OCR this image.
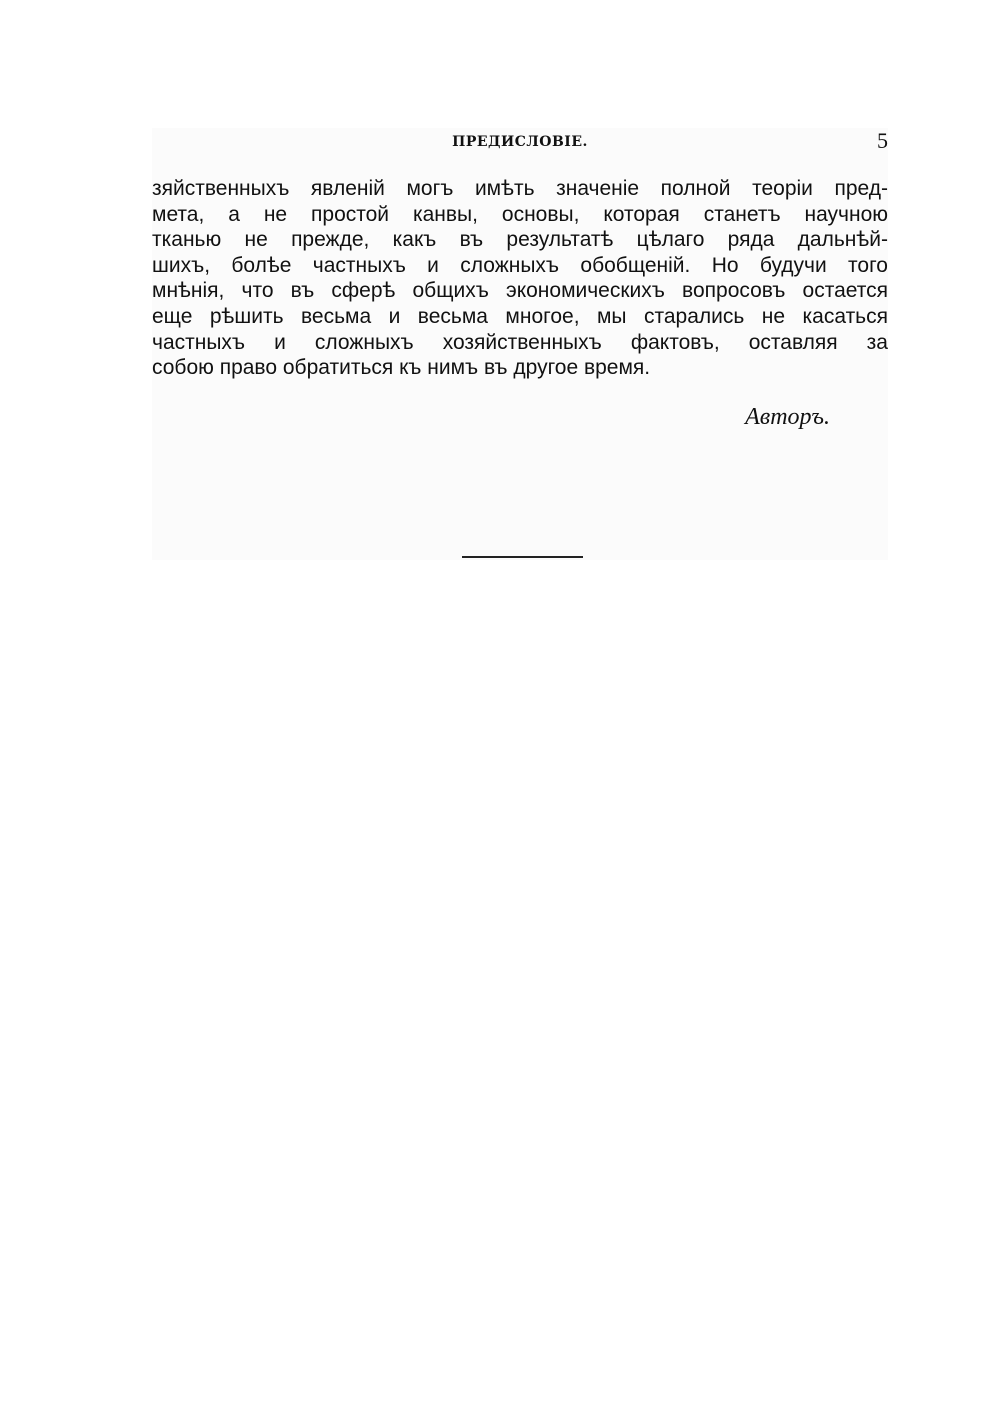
ПРЕДИСЛОВІЕ.	5
зяйственныхъ явленій могъ имѣть значеніе полной теоріи пред-
мета, а не простой канвы, основы, которая станетъ научною
тканью не прежде, какъ въ результатѣ цѣлаго ряда дальнѣй-
шихъ, болѣе частныхъ и сложныхъ обобщеній. Но будучи того
мнѣнія, что въ сферѣ общихъ экономическихъ вопросовъ остается
еще рѣшить весьма и весьма многое, мы старались не касаться
частныхъ и сложныхъ хозяйственныхъ фактовъ, оставляя за
собою право обратиться къ нимъ въ другое время.
Авторъ.
